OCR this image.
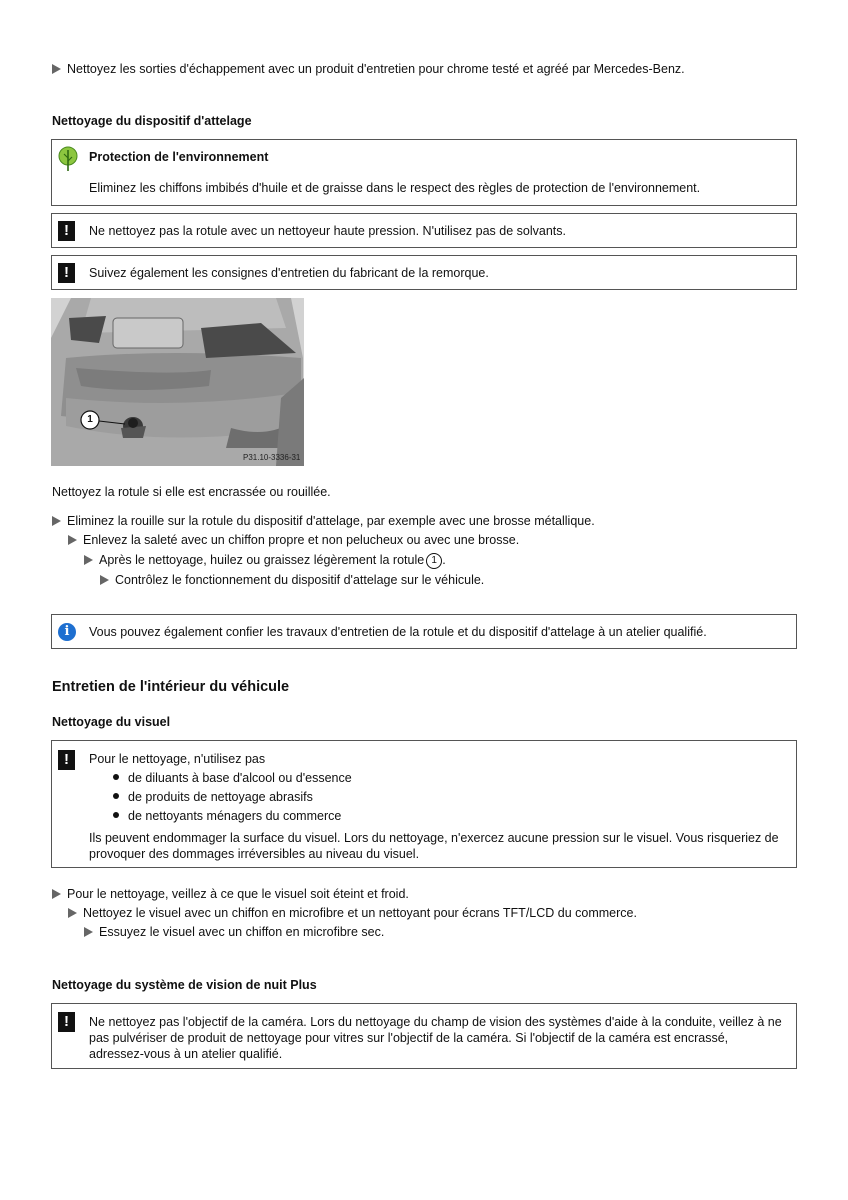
Nettoyez les sorties d'échappement avec un produit d'entretien pour chrome testé et agréé par Mercedes-Benz.
Nettoyage du dispositif d'attelage
Protection de l'environnement
Eliminez les chiffons imbibés d'huile et de graisse dans le respect des règles de protection de l'environnement.
!	Ne nettoyez pas la rotule avec un nettoyeur haute pression. N'utilisez pas de solvants.
!	Suivez également les consignes d'entretien du fabricant de la remorque.
1
P31.10-3336-31
Nettoyez la rotule si elle est encrassée ou rouillée.
Eliminez la rouille sur la rotule du dispositif d'attelage, par exemple avec une brosse métallique.
Enlevez la saleté avec un chiffon propre et non pelucheux ou avec une brosse.
Après le nettoyage, huilez ou graissez légèrement la rotule 1 .
Contrôlez le fonctionnement du dispositif d'attelage sur le véhicule.
i	Vous pouvez également confier les travaux d'entretien de la rotule et du dispositif d'attelage à un atelier qualifié.
Entretien de l'intérieur du véhicule
Nettoyage du visuel
!	Pour le nettoyage, n'utilisez pas
de diluants à base d'alcool ou d'essence
de produits de nettoyage abrasifs
de nettoyants ménagers du commerce
Ils peuvent endommager la surface du visuel. Lors du nettoyage, n'exercez aucune pression sur le visuel. Vous risqueriez de provoquer des dommages irréversibles au niveau du visuel.
Pour le nettoyage, veillez à ce que le visuel soit éteint et froid.
Nettoyez le visuel avec un chiffon en microfibre et un nettoyant pour écrans TFT/LCD du commerce.
Essuyez le visuel avec un chiffon en microfibre sec.
Nettoyage du système de vision de nuit Plus
!	Ne nettoyez pas l'objectif de la caméra. Lors du nettoyage du champ de vision des systèmes d'aide à la conduite, veillez à ne pas pulvériser de produit de nettoyage pour vitres sur l'objectif de la caméra. Si l'objectif de la caméra est encrassé, adressez-vous à un atelier qualifié.
